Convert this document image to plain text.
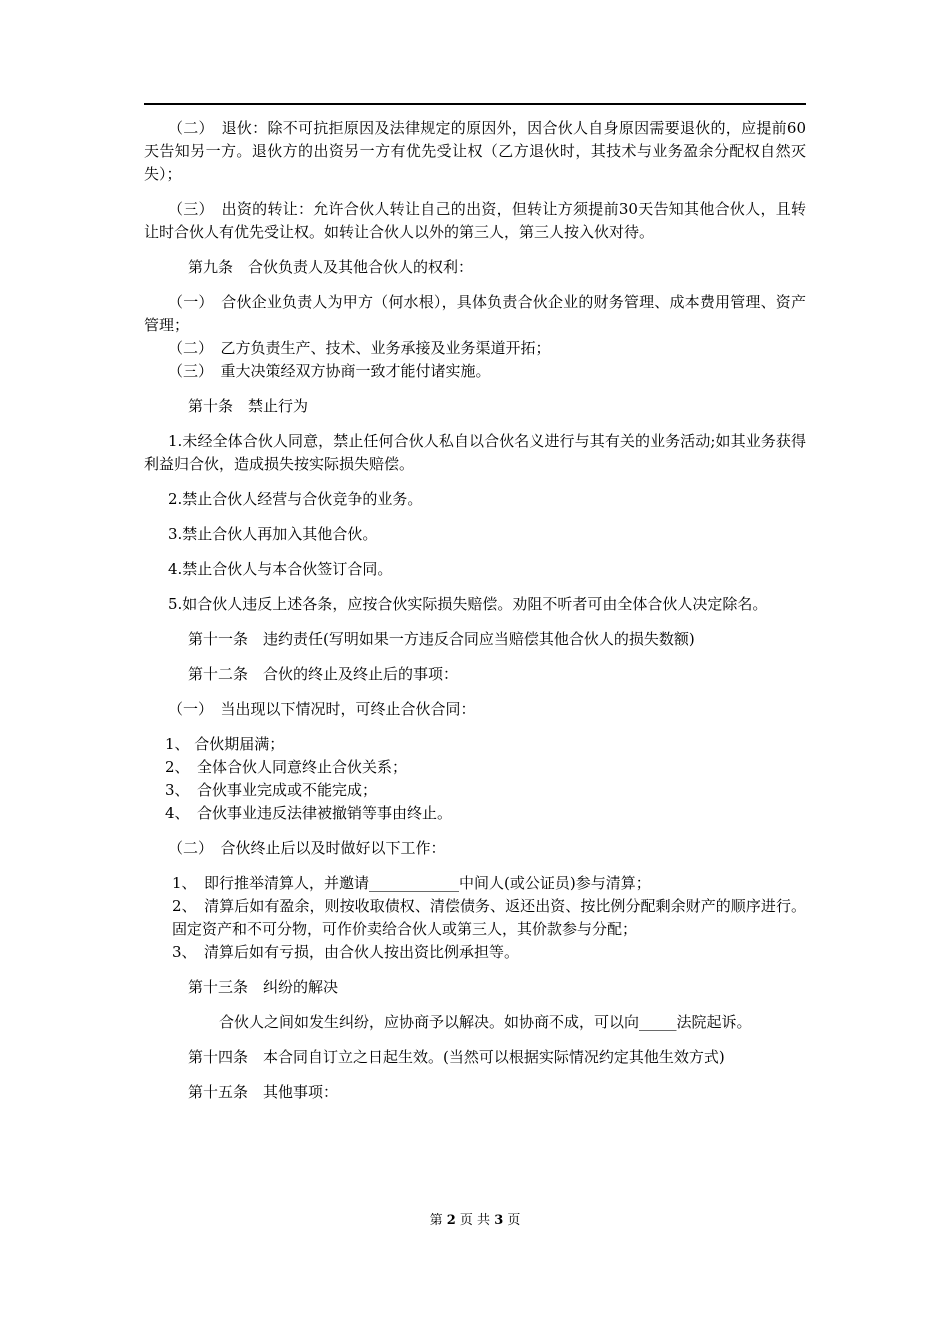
（二）　退伙：除不可抗拒原因及法律规定的原因外，因合伙人自身原因需要退伙的，应提前60天告知另一方。退伙方的出资另一方有优先受让权（乙方退伙时，其技术与业务盈余分配权自然灭失）；

（三）　出资的转让：允许合伙人转让自己的出资，但转让方须提前30天告知其他合伙人，且转让时合伙人有优先受让权。如转让合伙人以外的第三人，第三人按入伙对待。

第九条　合伙负责人及其他合伙人的权利：

（一）　合伙企业负责人为甲方（何水根），具体负责合伙企业的财务管理、成本费用管理、资产管理；

（二）　乙方负责生产、技术、业务承接及业务渠道开拓；

（三）　重大决策经双方协商一致才能付诸实施。

第十条　禁止行为

1.未经全体合伙人同意，禁止任何合伙人私自以合伙名义进行与其有关的业务活动;如其业务获得利益归合伙，造成损失按实际损失赔偿。

2.禁止合伙人经营与合伙竞争的业务。

3.禁止合伙人再加入其他合伙。

4.禁止合伙人与本合伙签订合同。

5.如合伙人违反上述各条，应按合伙实际损失赔偿。劝阻不听者可由全体合伙人决定除名。

第十一条　违约责任(写明如果一方违反合同应当赔偿其他合伙人的损失数额)

第十二条　合伙的终止及终止后的事项：

（一）　当出现以下情况时，可终止合伙合同：

1、 合伙期届满；

2、　全体合伙人同意终止合伙关系；

3、　合伙事业完成或不能完成；

4、　合伙事业违反法律被撤销等事由终止。

（二）　合伙终止后以及时做好以下工作：

1、　即行推举清算人，并邀请____________中间人(或公证员)参与清算；

2、　清算后如有盈余，则按收取债权、清偿债务、返还出资、按比例分配剩余财产的顺序进行。固定资产和不可分物，可作价卖给合伙人或第三人，其价款参与分配；

3、　清算后如有亏损，由合伙人按出资比例承担等。

第十三条　纠纷的解决

合伙人之间如发生纠纷，应协商予以解决。如协商不成，可以向_____法院起诉。

第十四条　本合同自订立之日起生效。(当然可以根据实际情况约定其他生效方式)

第十五条　其他事项：

第 2 页 共 3 页
